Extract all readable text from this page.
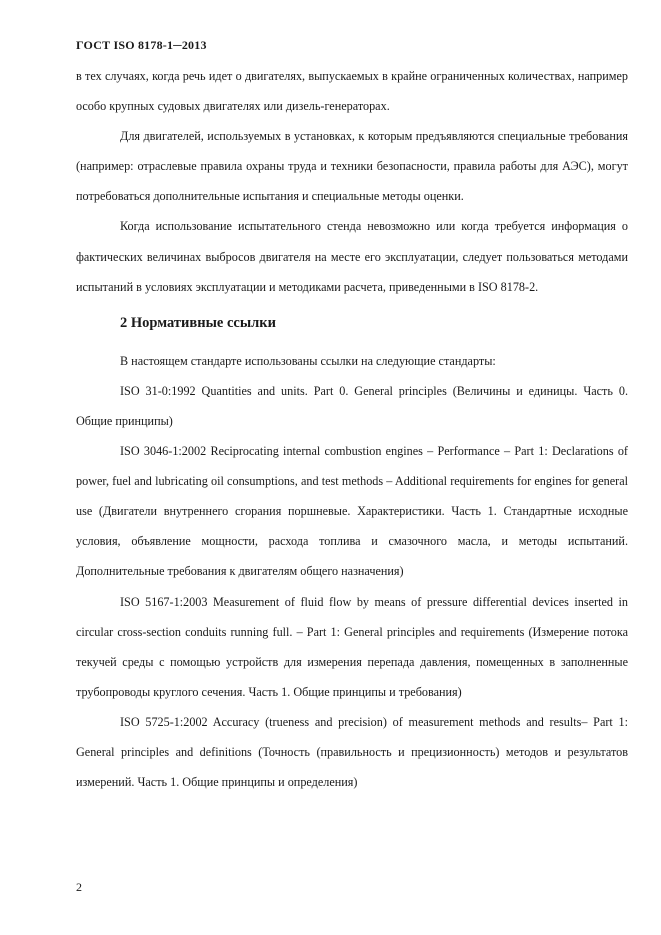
ГОСТ ISO 8178-1─2013

в тех случаях, когда речь идет о двигателях, выпускаемых в крайне ограниченных количествах, например особо крупных судовых двигателях или дизель-генераторах.

Для двигателей, используемых в установках, к которым предъявляются специальные требования (например: отраслевые правила охраны труда и техники безопасности, правила работы для АЭС), могут потребоваться дополнительные испытания и специальные методы оценки.

Когда использование испытательного стенда невозможно или когда требуется информация о фактических величинах выбросов двигателя на месте его эксплуатации, следует пользоваться методами испытаний в условиях эксплуатации и методиками расчета, приведенными в ISO 8178-2.

2 Нормативные ссылки

В настоящем стандарте использованы ссылки на следующие стандарты:

ISO 31-0:1992 Quantities and units. Part 0. General principles (Величины и единицы. Часть 0. Общие принципы)

ISO 3046-1:2002 Reciprocating internal combustion engines – Performance – Part 1: Declarations of power, fuel and lubricating oil consumptions, and test methods – Additional requirements for engines for general use (Двигатели внутреннего сгорания поршневые. Характеристики. Часть 1. Стандартные исходные условия, объявление мощности, расхода топлива и смазочного масла, и методы испытаний. Дополнительные требования к двигателям общего назначения)

ISO 5167-1:2003 Measurement of fluid flow by means of pressure differential devices inserted in circular cross-section conduits running full. – Part 1: General principles and requirements (Измерение потока текучей среды с помощью устройств для измерения перепада давления, помещенных в заполненные трубопроводы круглого сечения. Часть 1. Общие принципы и требования)

ISO 5725-1:2002 Accuracy (trueness and precision) of measurement methods and results– Part 1: General principles and definitions (Точность (правильность и прецизионность) методов и результатов измерений. Часть 1. Общие принципы и определения)

2
